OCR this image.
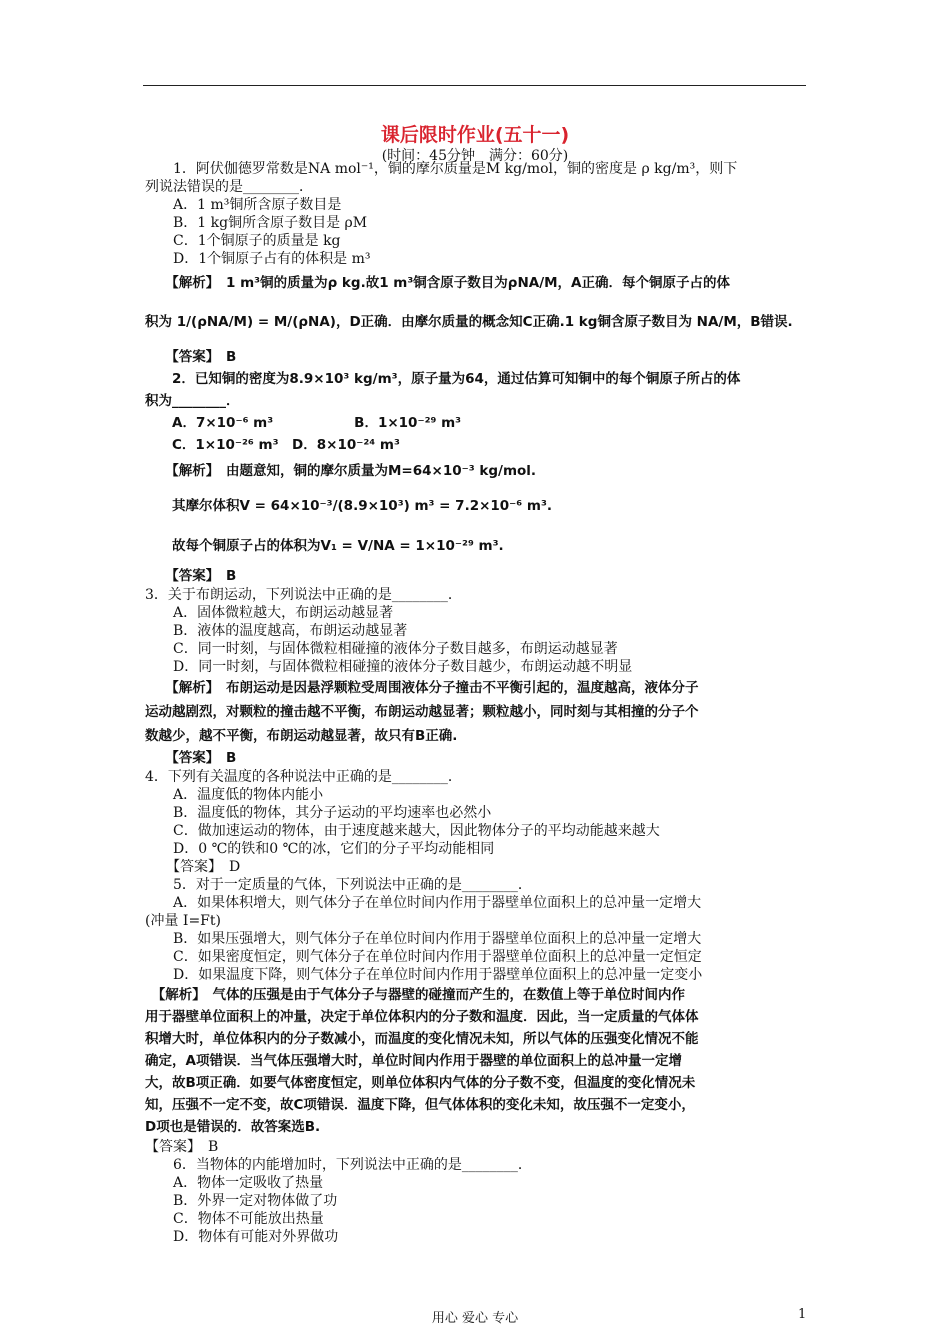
课后限时作业(五十一)
(时间：45分钟　满分：60分)
　　1．阿伏伽德罗常数是NA mol⁻¹，铜的摩尔质量是M kg/mol，铜的密度是 ρ kg/m³，则下
列说法错误的是________．
　　A．1 m³铜所含原子数目是
　　B．1 kg铜所含原子数目是 ρM
　　C．1个铜原子的质量是 kg
　　D．1个铜原子占有的体积是 m³
　　【解析】　1 m³铜的质量为ρ kg.故1 m³铜含原子数目为ρNA/M，A正确．每个铜原子占的体
积为 1/(ρNA/M) = M/(ρNA)，D正确．由摩尔质量的概念知C正确.1 kg铜含原子数目为 NA/M，B错误.
　　【答案】　B
　　2．已知铜的密度为8.9×10³ kg/m³，原子量为64，通过估算可知铜中的每个铜原子所占的体
积为________．
　　A．7×10⁻⁶ m³　　　　　　B．1×10⁻²⁹ m³
　　C．1×10⁻²⁶ m³　D．8×10⁻²⁴ m³
　　【解析】　由题意知，铜的摩尔质量为M=64×10⁻³ kg/mol.
　　其摩尔体积V = 64×10⁻³/(8.9×10³) m³ = 7.2×10⁻⁶ m³.
　　故每个铜原子占的体积为V₁ = V/NA = 1×10⁻²⁹ m³.
　　【答案】　B
3．关于布朗运动，下列说法中正确的是________．
　　A．固体微粒越大，布朗运动越显著
　　B．液体的温度越高，布朗运动越显著
　　C．同一时刻，与固体微粒相碰撞的液体分子数目越多，布朗运动越显著
　　D．同一时刻，与固体微粒相碰撞的液体分子数目越少，布朗运动越不明显
　　【解析】　布朗运动是因悬浮颗粒受周围液体分子撞击不平衡引起的，温度越高，液体分子
运动越剧烈，对颗粒的撞击越不平衡，布朗运动越显著；颗粒越小，同时刻与其相撞的分子个
数越少，越不平衡，布朗运动越显著，故只有B正确.
　　【答案】　B
4．下列有关温度的各种说法中正确的是________．
　　A．温度低的物体内能小
　　B．温度低的物体，其分子运动的平均速率也必然小
　　C．做加速运动的物体，由于速度越来越大，因此物体分子的平均动能越来越大
　　D．0 ℃的铁和0 ℃的冰，它们的分子平均动能相同
　　【答案】　D
　　5．对于一定质量的气体，下列说法中正确的是________．
　　A．如果体积增大，则气体分子在单位时间内作用于器壁单位面积上的总冲量一定增大
(冲量 I=Ft)
　　B．如果压强增大，则气体分子在单位时间内作用于器壁单位面积上的总冲量一定增大
　　C．如果密度恒定，则气体分子在单位时间内作用于器壁单位面积上的总冲量一定恒定
　　D．如果温度下降，则气体分子在单位时间内作用于器壁单位面积上的总冲量一定变小
　【解析】　气体的压强是由于气体分子与器壁的碰撞而产生的，在数值上等于单位时间内作
用于器壁单位面积上的冲量，决定于单位体积内的分子数和温度．因此，当一定质量的气体体
积增大时，单位体积内的分子数减小，而温度的变化情况未知，所以气体的压强变化情况不能
确定，A项错误．当气体压强增大时，单位时间内作用于器壁的单位面积上的总冲量一定增
大，故B项正确．如要气体密度恒定，则单位体积内气体的分子数不变，但温度的变化情况未
知，压强不一定不变，故C项错误．温度下降，但气体体积的变化未知，故压强不一定变小，
D项也是错误的．故答案选B.
【答案】　B
　　6．当物体的内能增加时，下列说法中正确的是________．
　　A．物体一定吸收了热量
　　B．外界一定对物体做了功
　　C．物体不可能放出热量
　　D．物体有可能对外界做功
用心 爱心 专心	1
